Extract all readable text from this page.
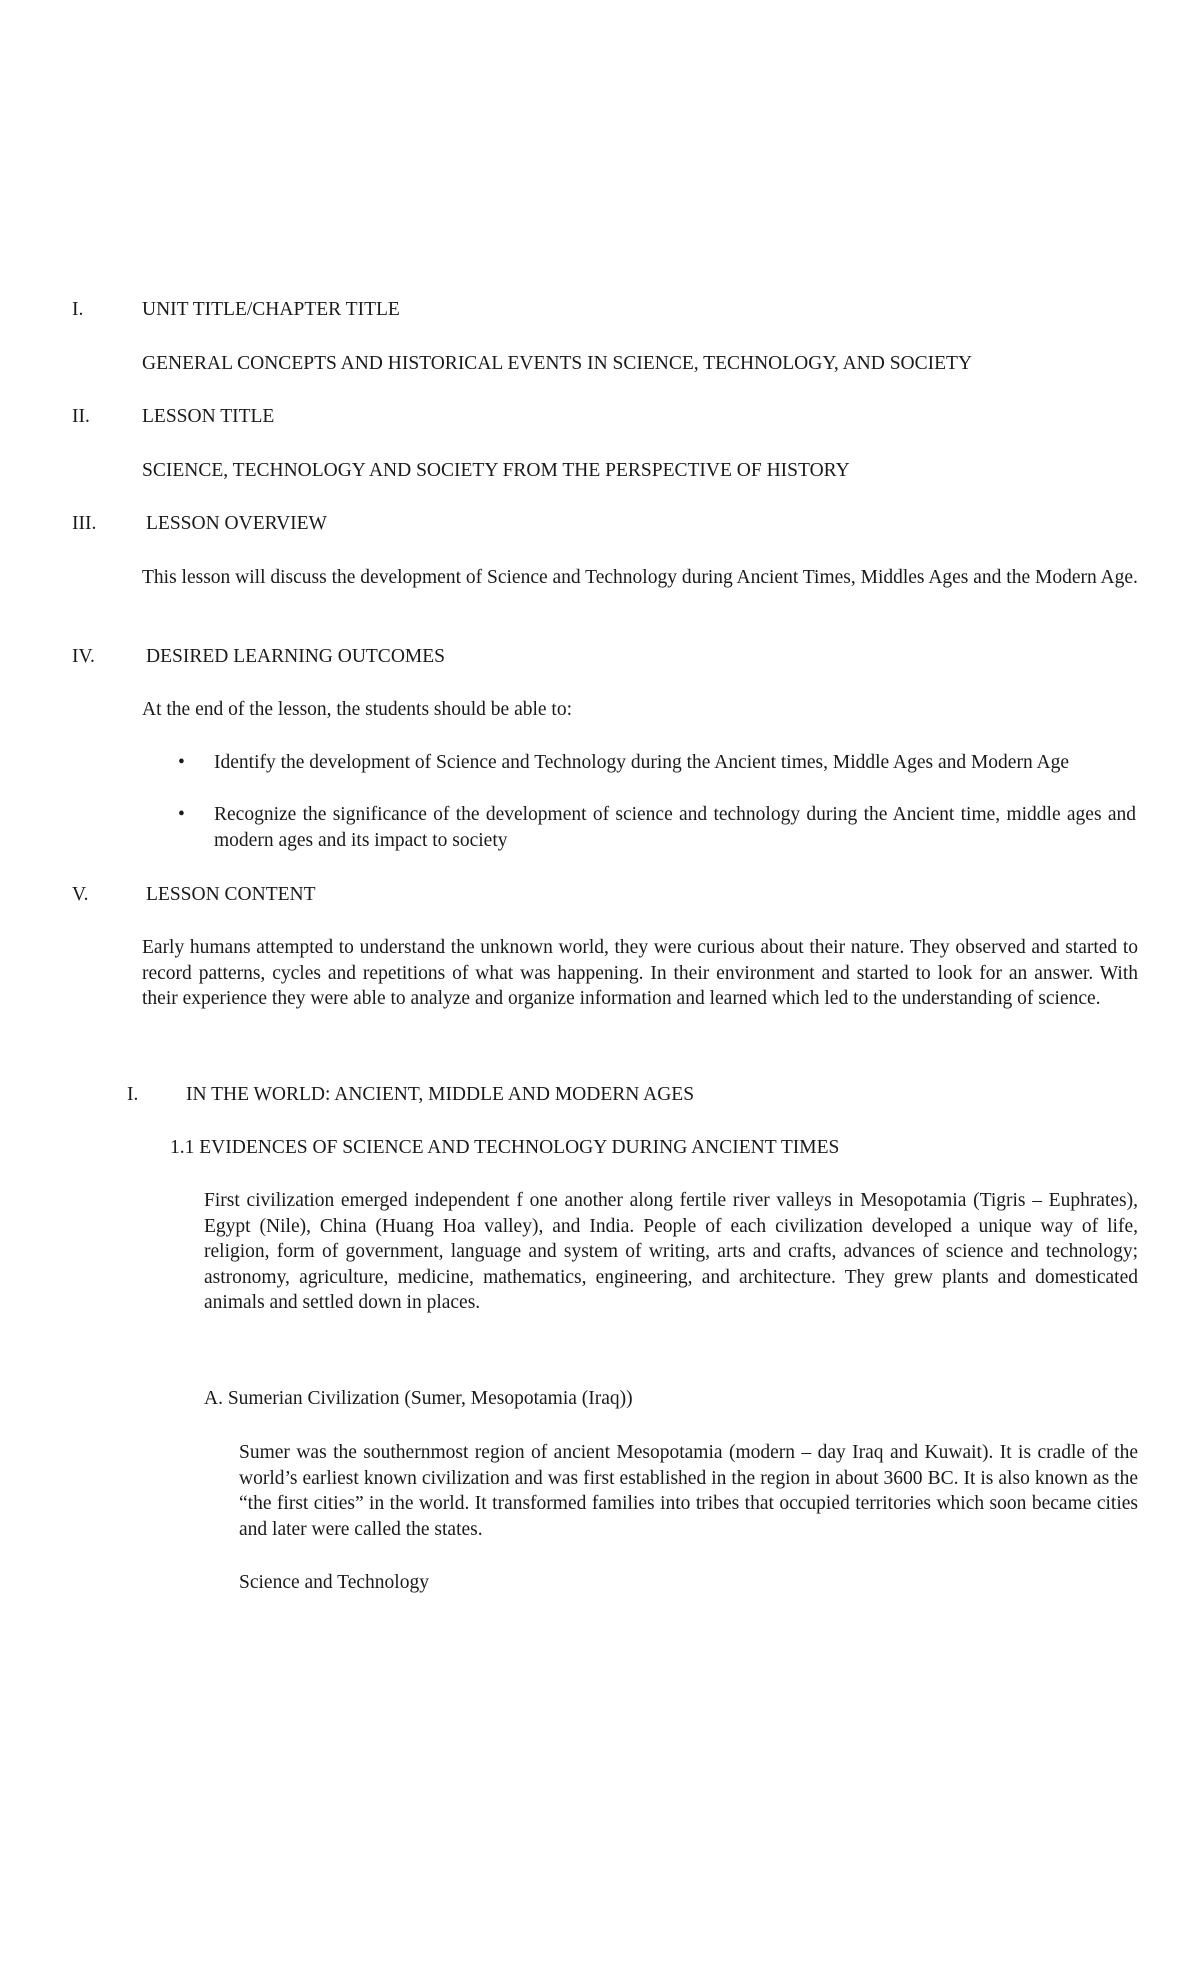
I.	UNIT TITLE/CHAPTER TITLE
GENERAL CONCEPTS AND HISTORICAL EVENTS IN SCIENCE, TECHNOLOGY, AND SOCIETY
II.	LESSON TITLE
SCIENCE, TECHNOLOGY AND SOCIETY FROM THE PERSPECTIVE OF HISTORY
III.	LESSON OVERVIEW
This lesson will discuss the development of Science and Technology during Ancient Times, Middles Ages and the Modern Age.
IV.	DESIRED LEARNING OUTCOMES
At the end of the lesson, the students should be able to:
• Identify the development of Science and Technology during the Ancient times, Middle Ages and Modern Age
• Recognize the significance of the development of science and technology during the Ancient time, middle ages and modern ages and its impact to society
V.	LESSON CONTENT
Early humans attempted to understand the unknown world, they were curious about their nature. They observed and started to record patterns, cycles and repetitions of what was happening. In their environment and started to look for an answer. With their experience they were able to analyze and organize information and learned which led to the understanding of science.
I. IN THE WORLD: ANCIENT, MIDDLE AND MODERN AGES
1.1 EVIDENCES OF SCIENCE AND TECHNOLOGY DURING ANCIENT TIMES
First civilization emerged independent f one another along fertile river valleys in Mesopotamia (Tigris – Euphrates), Egypt (Nile), China (Huang Hoa valley), and India. People of each civilization developed a unique way of life, religion, form of government, language and system of writing, arts and crafts, advances of science and technology; astronomy, agriculture, medicine, mathematics, engineering, and architecture. They grew plants and domesticated animals and settled down in places.
A. Sumerian Civilization (Sumer, Mesopotamia (Iraq))
Sumer was the southernmost region of ancient Mesopotamia (modern – day Iraq and Kuwait). It is cradle of the world’s earliest known civilization and was first established in the region in about 3600 BC. It is also known as the “the first cities” in the world. It transformed families into tribes that occupied territories which soon became cities and later were called the states.
Science and Technology
